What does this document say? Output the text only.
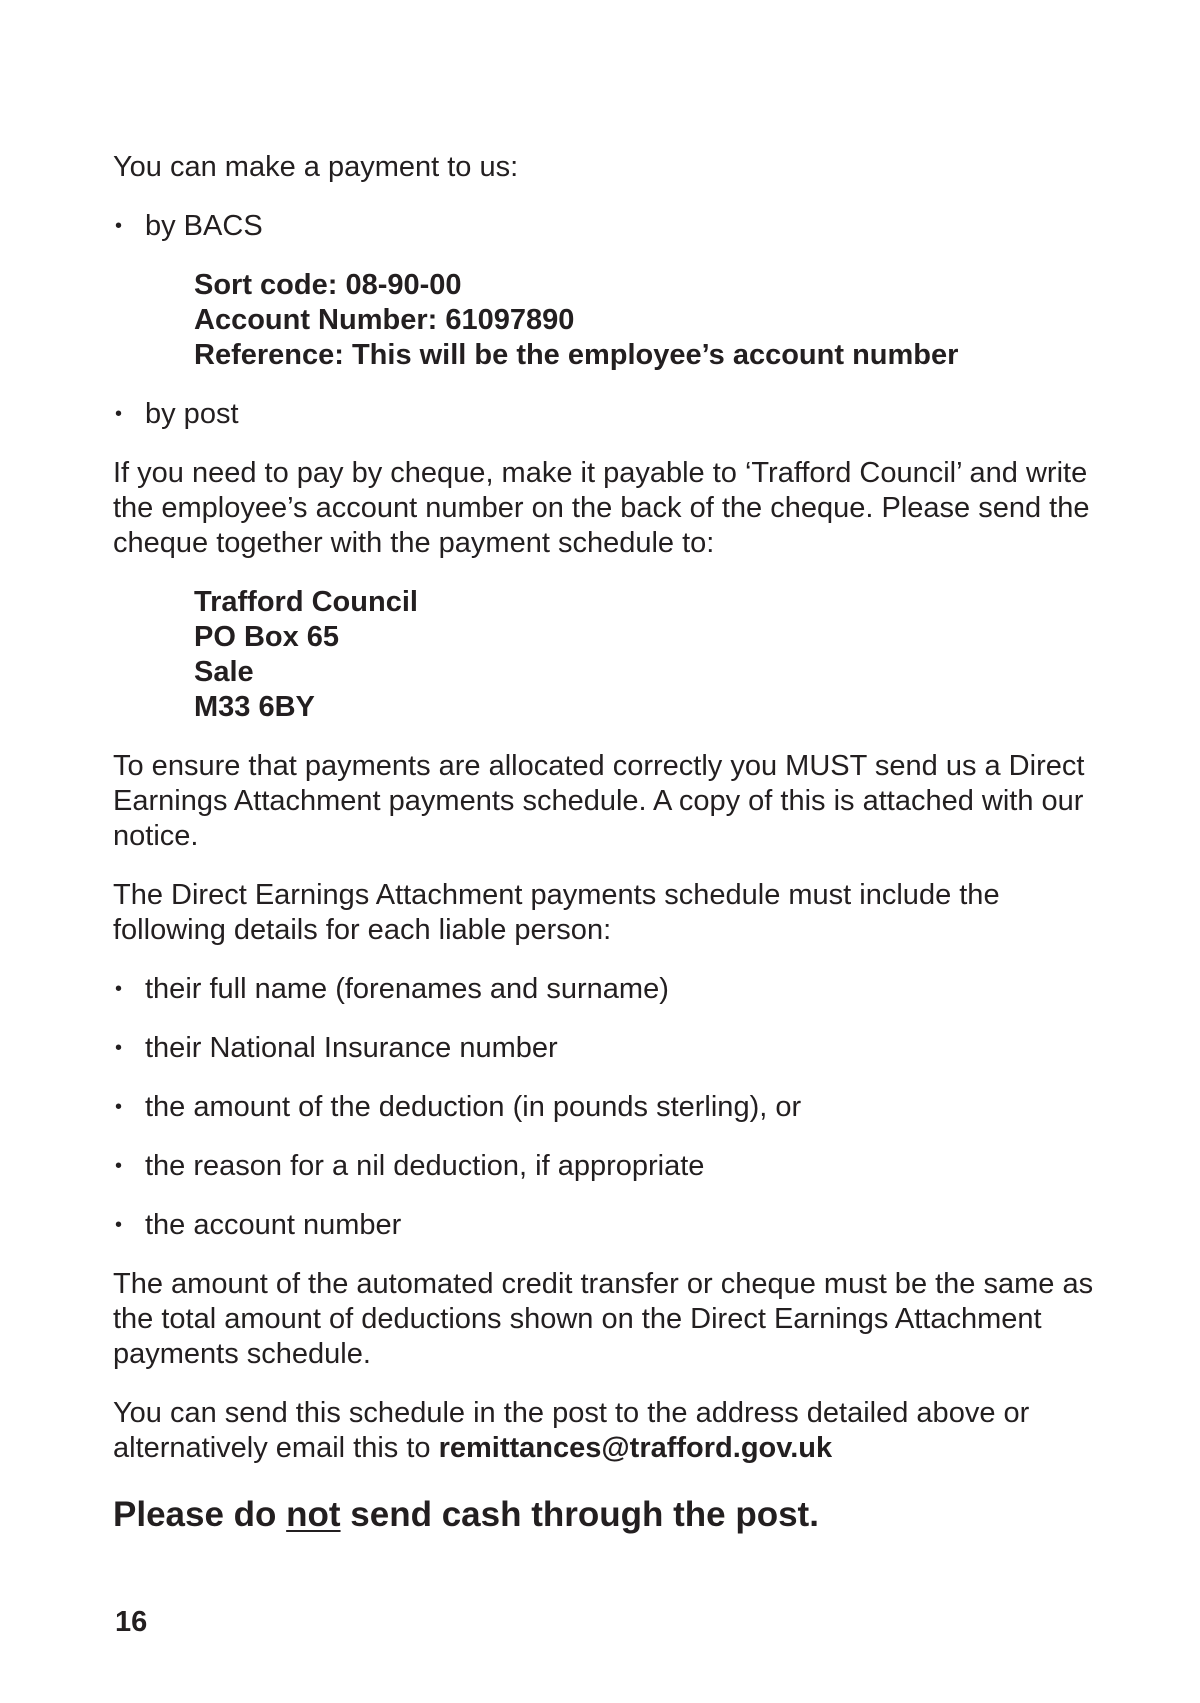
You can make a payment to us:

• by BACS
Sort code: 08-90-00
Account Number: 61097890
Reference: This will be the employee’s account number
• by post

If you need to pay by cheque, make it payable to ‘Trafford Council’ and write the employee’s account number on the back of the cheque. Please send the cheque together with the payment schedule to:

Trafford Council
PO Box 65
Sale
M33 6BY

To ensure that payments are allocated correctly you MUST send us a Direct Earnings Attachment payments schedule. A copy of this is attached with our notice.

The Direct Earnings Attachment payments schedule must include the following details for each liable person:

• their full name (forenames and surname)
• their National Insurance number
• the amount of the deduction (in pounds sterling), or
• the reason for a nil deduction, if appropriate
• the account number

The amount of the automated credit transfer or cheque must be the same as the total amount of deductions shown on the Direct Earnings Attachment payments schedule.

You can send this schedule in the post to the address detailed above or alternatively email this to remittances@trafford.gov.uk

Please do not send cash through the post.

16
